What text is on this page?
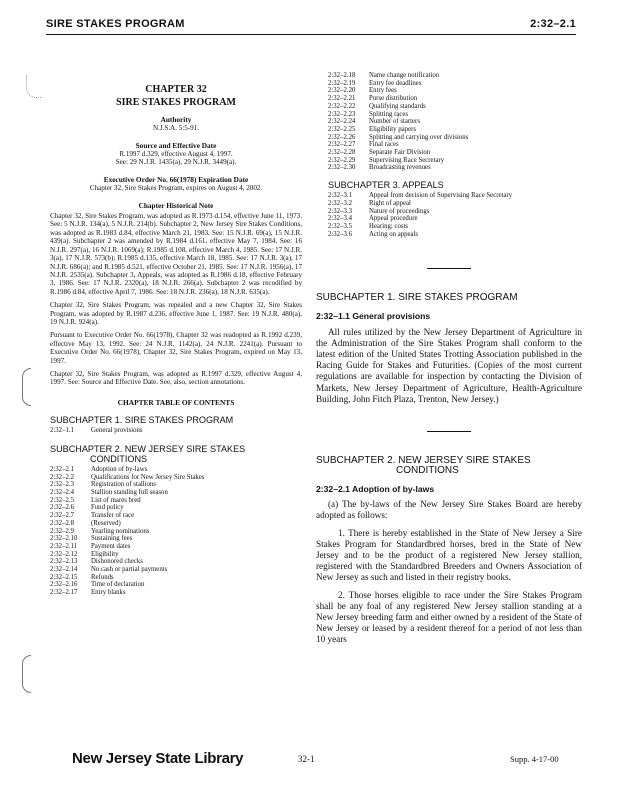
SIRE STAKES PROGRAM	2:32–2.1
CHAPTER 32
SIRE STAKES PROGRAM
Authority
N.J.S.A. 5:5-91.
Source and Effective Date
R.1997 d.329, effective August 4, 1997.
See: 29 N.J.R. 1435(a), 29 N.J.R. 3449(a).
Executive Order No. 66(1978) Expiration Date
Chapter 32, Sire Stakes Program, expires on August 4, 2002.
Chapter Historical Note

Chapter 32, Sire Stakes Program, was adopted as R.1973 d.154, effective June 11, 1973. See: 5 N.J.R. 134(a), 5 N.J.R. 214(b). Subchapter 2, New Jersey Sire Stakes Conditions, was adopted as R.1983 d.84, effective March 21, 1983. See: 15 N.J.R. 69(a), 15 N.J.R. 439(a). Subchapter 2 was amended by R.1984 d.161, effective May 7, 1984. See: 16 N.J.R. 297(a), 16 N.J.R. 1069(a); R.1985 d.108, effective March 4, 1985. See: 17 N.J.R. 3(a), 17 N.J.R. 573(b); R.1985 d.135, effective March 18, 1985. See: 17 N.J.R. 3(a), 17 N.J.R. 686(a); and R.1985 d.521, effective October 21, 1985. See: 17 N.J.R. 1956(a), 17 N.J.R. 2535(a). Subchapter 3, Appeals, was adopted as R.1986 d.18, effective February 3, 1986. See: 17 N.J.R. 2320(a), 18 N.J.R. 266(a). Subchapter 2 was recodified by R.1986 d.84, effective April 7, 1986. See: 18 N.J.R. 236(a), 18 N.J.R. 635(a).

Chapter 32, Sire Stakes Program, was repealed and a new Chapter 32, Sire Stakes Program, was adopted by R.1987 d.236, effective June 1, 1987. See: 19 N.J.R. 480(a), 19 N.J.R. 924(a).

Pursuant to Executive Order No. 66(1978), Chapter 32 was readopted as R.1992 d.239, effective May 13, 1992. See: 24 N.J.R. 1142(a), 24 N.J.R. 2241(a). Pursuant to Executive Order No. 66(1978), Chapter 32, Sire Stakes Program, expired on May 13, 1997.

Chapter 32, Sire Stakes Program, was adopted as R.1997 d.329, effective August 4, 1997. See: Source and Effective Date. See, also, section annotations.

CHAPTER TABLE OF CONTENTS
SUBCHAPTER 1. SIRE STAKES PROGRAM
2:32–1.1	General provisions
SUBCHAPTER 2. NEW JERSEY SIRE STAKES
CONDITIONS
2:32–2.1	Adoption of by-laws
2:32–2.2	Qualifications for New Jersey Sire Stakes
2:32–2.3	Registration of stallions
2:32–2.4	Stallion standing full season
2:32–2.5	List of mares bred
2:32–2.6	Fund policy
2:32–2.7	Transfer of race
2:32–2.8	(Reserved)
2:32–2.9	Yearling nominations
2:32–2.10	Sustaining fees
2:32–2.11	Payment dates
2:32–2.12	Eligibility
2:32–2.13	Dishonored checks
2:32–2.14	No cash or partial payments
2:32–2.15	Refunds
2:32–2.16	Time of declaration
2:32–2.17	Entry blanks
2:32–2.18	Name change notification
2:32–2.19	Entry fee deadlines
2:32–2.20	Entry fees
2:32–2.21	Purse distribution
2:32–2.22	Qualifying standards
2:32–2.23	Splitting races
2:32–2.24	Number of starters
2:32–2.25	Eligibility papers
2:32–2.26	Splitting and carrying over divisions
2:32–2.27	Final races
2:32–2.28	Separate Fair Division
2:32–2.29	Supervising Race Secretary
2:32–2.30	Broadcasting revenues
SUBCHAPTER 3. APPEALS
2:32–3.1	Appeal from decision of Supervising Race Secretary
2:32–3.2	Right of appeal
2:32–3.3	Nature of proceedings
2:32–3.4	Appeal procedure
2:32–3.5	Hearing; costs
2:32–3.6	Acting on appeals
SUBCHAPTER 1. SIRE STAKES PROGRAM
2:32–1.1 General provisions

All rules utilized by the New Jersey Department of Agriculture in the Administration of the Sire Stakes Program shall conform to the latest edition of the United States Trotting Association published in the Racing Guide for Stakes and Futurities. (Copies of the most current regulations are available for inspection by contacting the Division of Markets, New Jersey Department of Agriculture, Health-Agriculture Building, John Fitch Plaza, Trenton, New Jersey.)

SUBCHAPTER 2. NEW JERSEY SIRE STAKES
CONDITIONS
2:32–2.1 Adoption of by-laws

(a) The by-laws of the New Jersey Sire Stakes Board are hereby adopted as follows:

1. There is hereby established in the State of New Jersey a Sire Stakes Program for Standardbred horses, bred in the State of New Jersey and to be the product of a registered New Jersey stallion, registered with the Standardbred Breeders and Owners Association of New Jersey as such and listed in their registry books.

2. Those horses eligible to race under the Sire Stakes Program shall be any foal of any registered New Jersey stallion standing at a New Jersey breeding farm and either owned by a resident of the State of New Jersey or leased by a resident thereof for a period of not less than 10 years

New Jersey State Library	32-1	Supp. 4-17-00
